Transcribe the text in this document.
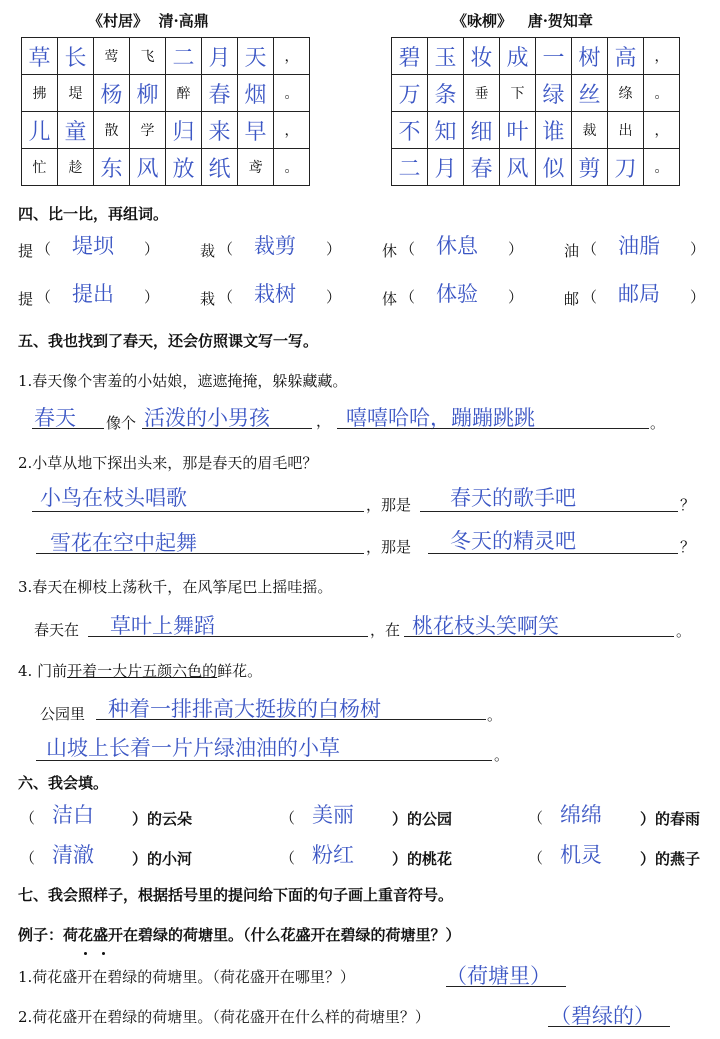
《村居》 清·高鼎	《咏柳》 唐·贺知章
草	长	莺	飞	二	月	天	，
拂	堤	杨	柳	醉	春	烟	。
儿	童	散	学	归	来	早	，
忙	趁	东	风	放	纸	鸢	。
碧	玉	妆	成	一	树	高	，
万	条	垂	下	绿	丝	绦	。
不	知	细	叶	谁	裁	出	，
二	月	春	风	似	剪	刀	。
四、比一比，再组词。
提 （ 堤坝 ）	裁 （ 裁剪 ）	休 （ 休息 ）	油 （ 油脂 ）
提 （ 提出 ）	栽 （ 栽树 ）	体 （ 体验 ）	邮 （ 邮局 ）
五、我也找到了春天，还会仿照课文写一写。
1.春天像个害羞的小姑娘，遮遮掩掩，躲躲藏藏。
春天 像个 活泼的小男孩	， 嘻嘻哈哈，蹦蹦跳跳	。
2.小草从地下探出头来，那是春天的眉毛吧？
小鸟在枝头唱歌	，那是 春天的歌手吧	？
雪花在空中起舞	，那是 冬天的精灵吧	？
3.春天在柳枝上荡秋千，在风筝尾巴上摇哇摇。
春天在 草叶上舞蹈	，在 桃花枝头笑啊笑	。
4. 门前开着一大片五颜六色的鲜花。
公园里 种着一排排高大挺拔的白杨树	。
山坡上长着一片片绿油油的小草	。
六、我会填。
（ 洁白	）的云朵	（ 美丽	）的公园	（ 绵绵	）的春雨
（ 清澈	）的小河	（ 粉红	）的桃花	（ 机灵	）的燕子
七、我会照样子，根据括号里的提问给下面的句子画上重音符号。
例子：荷花盛开在碧绿的荷塘里。（什么花盛开在碧绿的荷塘里？）
1.荷花盛开在碧绿的荷塘里。（荷花盛开在哪里？）	（荷塘里）
2.荷花盛开在碧绿的荷塘里。（荷花盛开在什么样的荷塘里？）	（碧绿的）
